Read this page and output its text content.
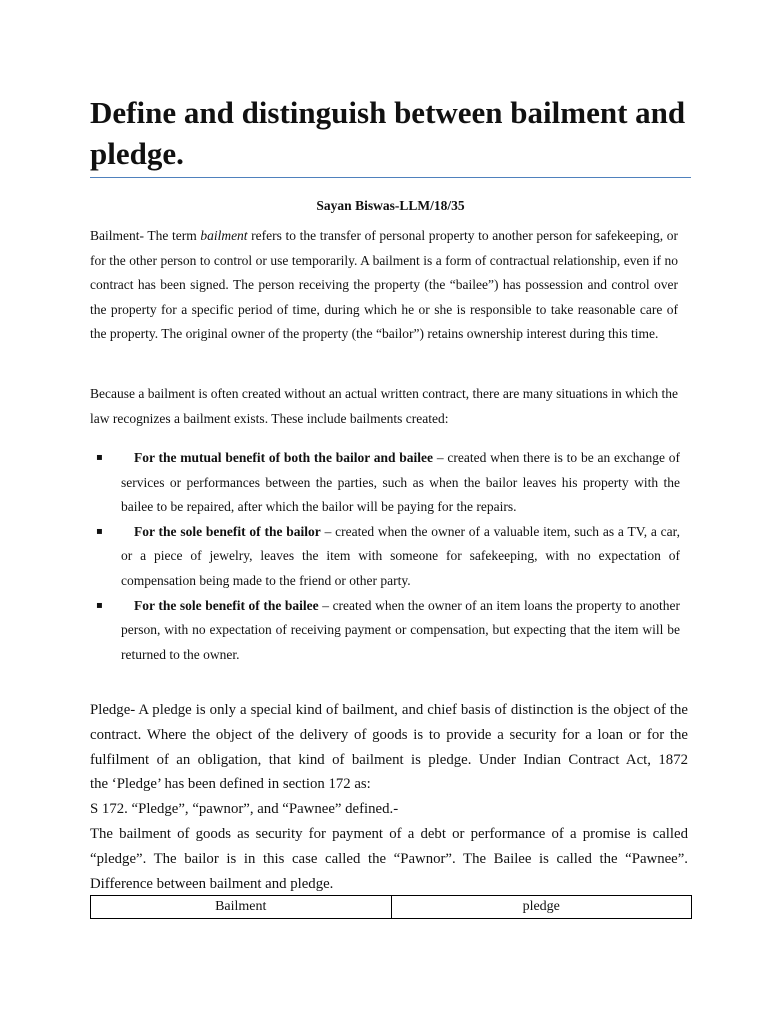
Define and distinguish between bailment and pledge.
Sayan Biswas-LLM/18/35

Bailment- The term bailment refers to the transfer of personal property to another person for safekeeping, or for the other person to control or use temporarily. A bailment is a form of contractual relationship, even if no contract has been signed. The person receiving the property (the “bailee”) has possession and control over the property for a specific period of time, during which he or she is responsible to take reasonable care of the property. The original owner of the property (the “bailor”) retains ownership interest during this time.

Because a bailment is often created without an actual written contract, there are many situations in which the law recognizes a bailment exists. These include bailments created:

▪ For the mutual benefit of both the bailor and bailee – created when there is to be an exchange of services or performances between the parties, such as when the bailor leaves his property with the bailee to be repaired, after which the bailor will be paying for the repairs.
▪ For the sole benefit of the bailor – created when the owner of a valuable item, such as a TV, a car, or a piece of jewelry, leaves the item with someone for safekeeping, with no expectation of compensation being made to the friend or other party.
▪ For the sole benefit of the bailee – created when the owner of an item loans the property to another person, with no expectation of receiving payment or compensation, but expecting that the item will be returned to the owner.
Pledge- A pledge is only a special kind of bailment, and chief basis of distinction is the object of the contract. Where the object of the delivery of goods is to provide a security for a loan or for the fulfilment of an obligation, that kind of bailment is pledge. Under Indian Contract Act, 1872
the ‘Pledge’ has been defined in section 172 as:
S 172. “Pledge”, “pawnor”, and “Pawnee” defined.-
The bailment of goods as security for payment of a debt or performance of a promise is called “pledge”. The bailor is in this case called the “Pawnor”. The Bailee is called the “Pawnee”.
Difference between bailment and pledge.
Bailment	pledge
